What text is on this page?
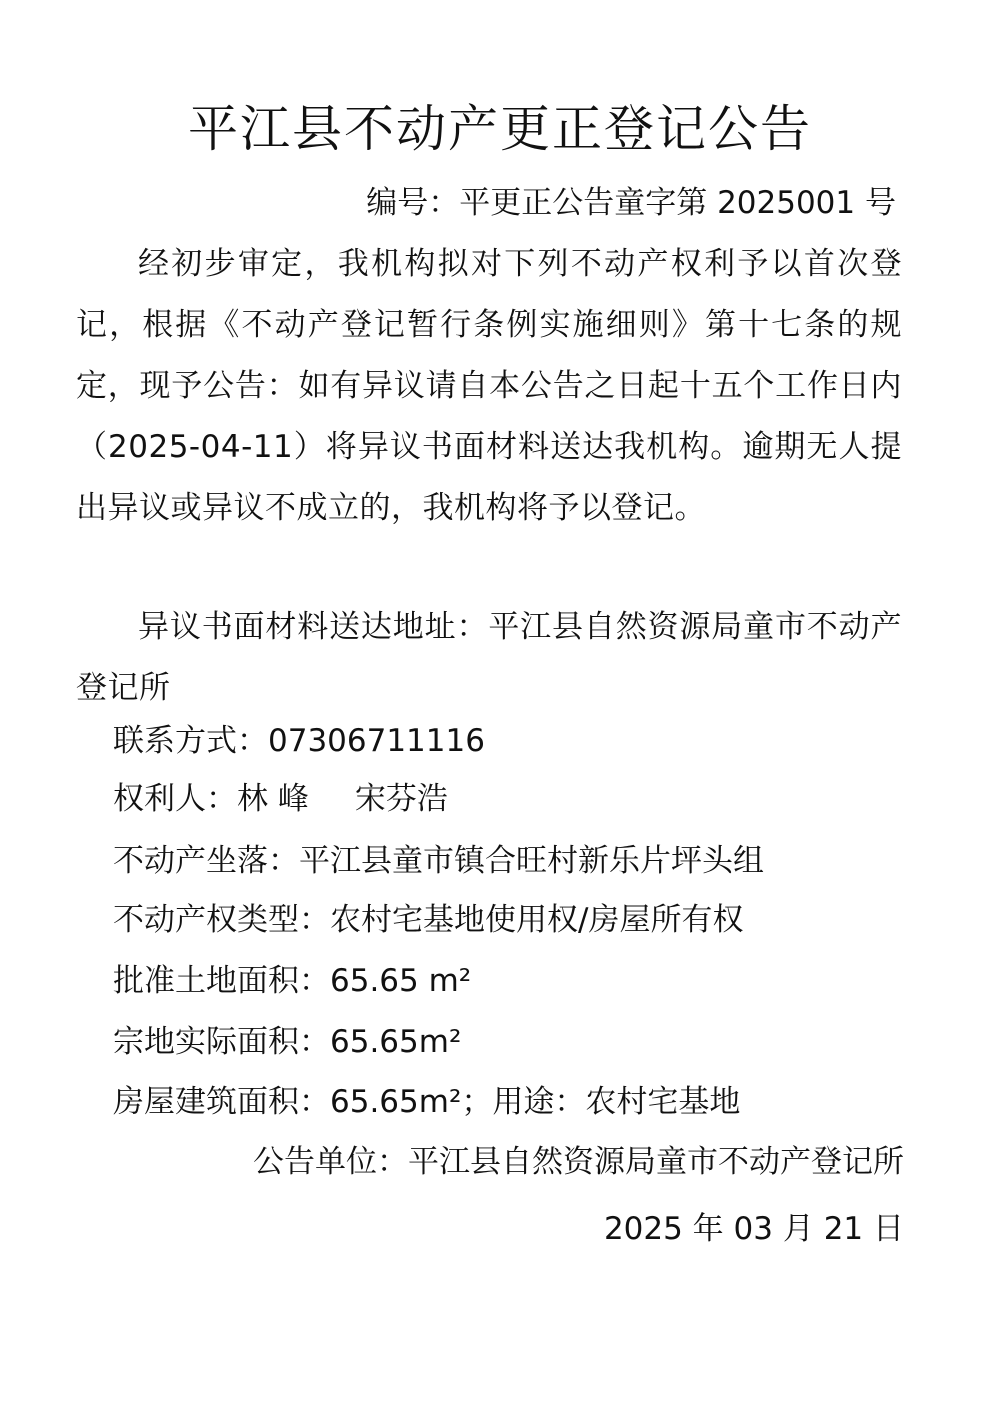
平江县不动产更正登记公告
编号：平更正公告童字第 2025001 号
经初步审定，我机构拟对下列不动产权利予以首次登记，根据《不动产登记暂行条例实施细则》第十七条的规定，现予公告：如有异议请自本公告之日起十五个工作日内（2025-04-11）将异议书面材料送达我机构。逾期无人提出异议或异议不成立的，我机构将予以登记。
异议书面材料送达地址：平江县自然资源局童市不动产登记所
联系方式：07306711116
权利人：林 峰 宋芬浩
不动产坐落：平江县童市镇合旺村新乐片坪头组
不动产权类型：农村宅基地使用权/房屋所有权
批准土地面积：65.65 m²
宗地实际面积：65.65m²
房屋建筑面积：65.65m²；用途：农村宅基地
公告单位：平江县自然资源局童市不动产登记所
2025 年 03 月 21 日
